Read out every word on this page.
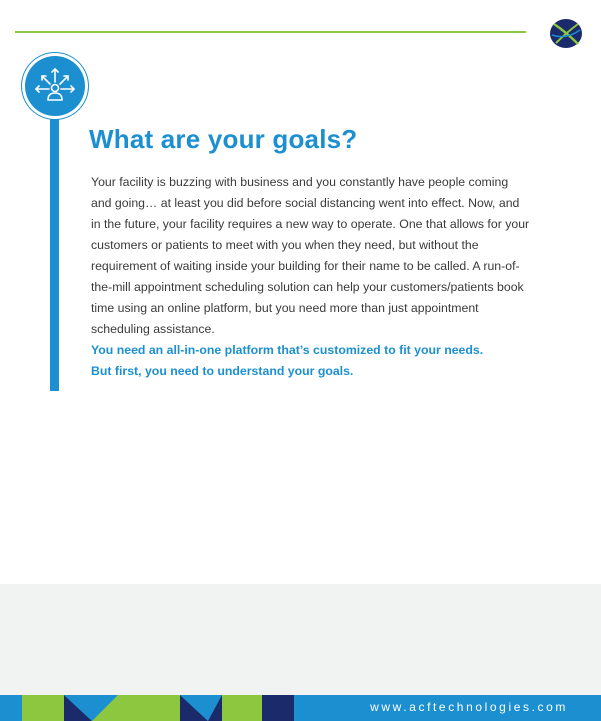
What are your goals?

Your facility is buzzing with business and you constantly have people coming and going… at least you did before social distancing went into effect. Now, and in the future, your facility requires a new way to operate. One that allows for your customers or patients to meet with you when they need, but without the requirement of waiting inside your building for their name to be called. A run-of-the-mill appointment scheduling solution can help your customers/patients book time using an online platform, but you need more than just appointment scheduling assistance.

You need an all-in-one platform that’s customized to fit your needs.
But first, you need to understand your goals.
www.acftechnologies.com
